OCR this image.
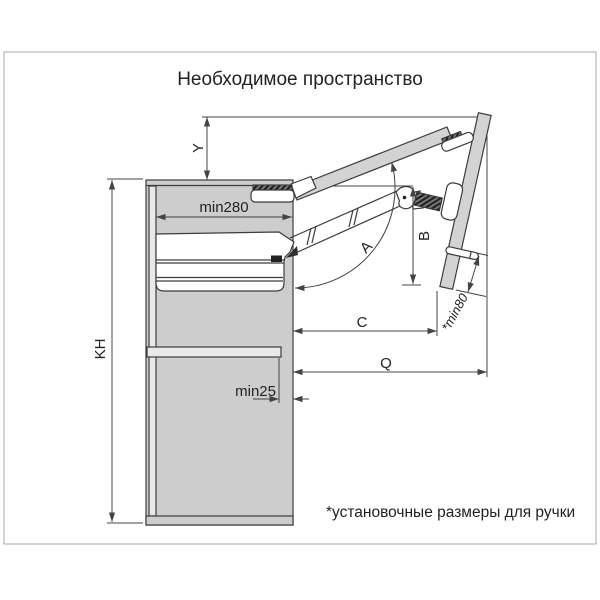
Необходимое пространство
Y
KH
min280
min25
A
C
Q
*min80
B
*установочные размеры для ручки
